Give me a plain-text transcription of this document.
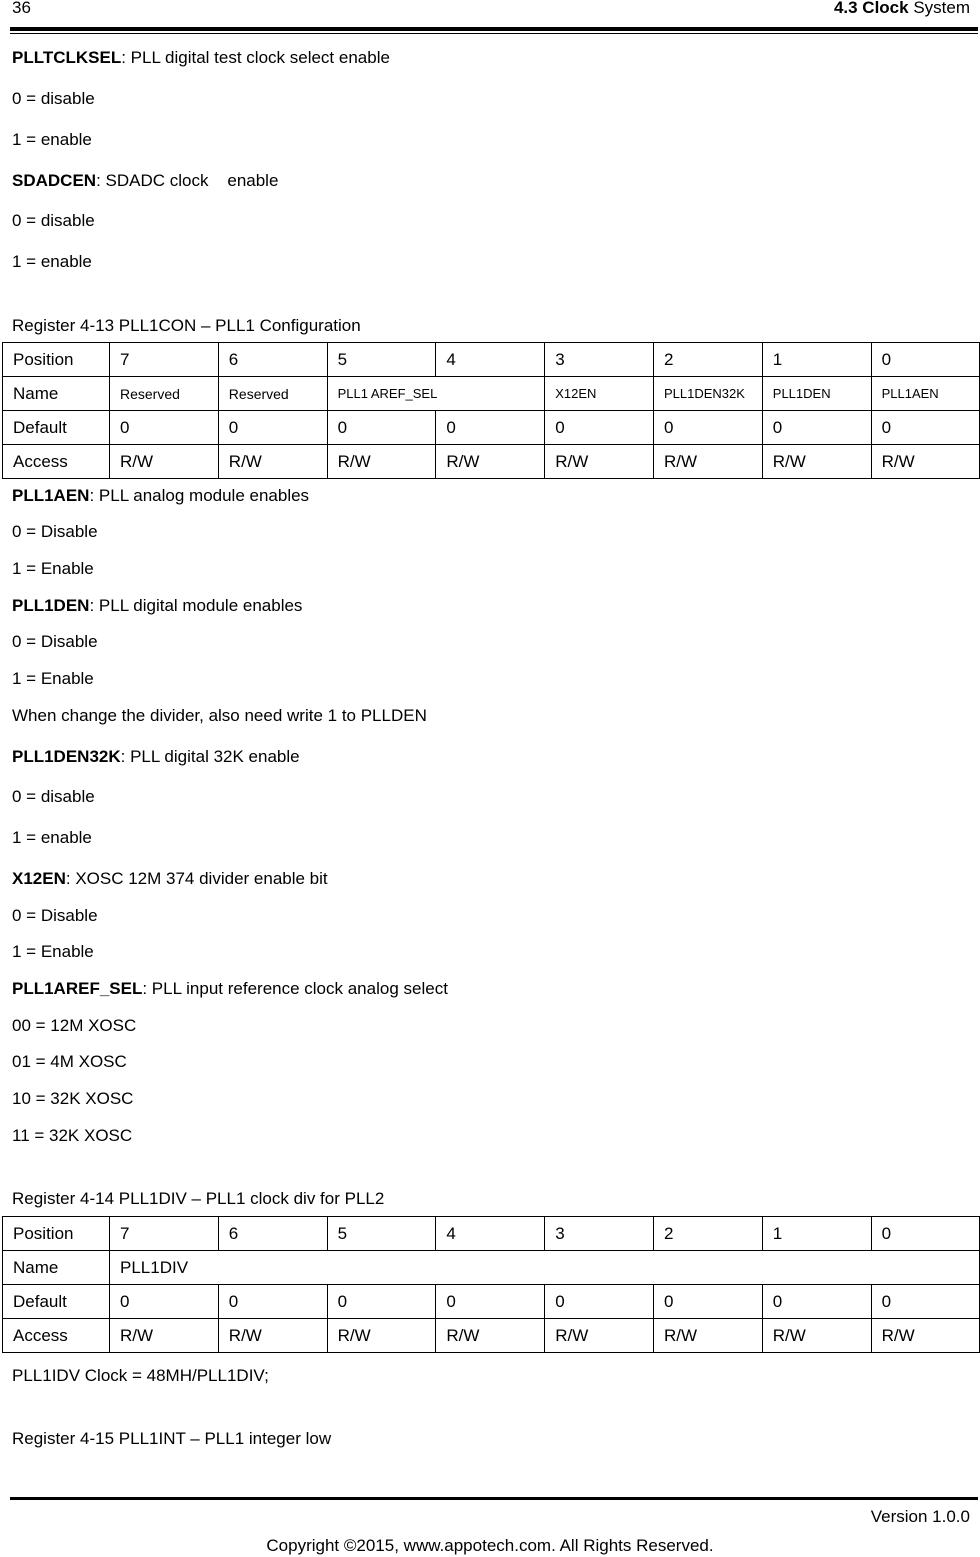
36	4.3 Clock System
PLLTCLKSEL: PLL digital test clock select enable
0 = disable
1 = enable
SDADCEN: SDADC clock    enable
0 = disable
1 = enable
Register 4-13 PLL1CON – PLL1 Configuration
Position	7	6	5	4	3	2	1	0
Name	Reserved	Reserved	PLL1 AREF_SEL		X12EN	PLL1DEN32K	PLL1DEN	PLL1AEN
Default	0	0	0	0	0	0	0	0
Access	R/W	R/W	R/W	R/W	R/W	R/W	R/W	R/W
PLL1AEN: PLL analog module enables
0 = Disable
1 = Enable
PLL1DEN: PLL digital module enables
0 = Disable
1 = Enable
When change the divider, also need write 1 to PLLDEN
PLL1DEN32K: PLL digital 32K enable
0 = disable
1 = enable
X12EN: XOSC 12M 374 divider enable bit
0 = Disable
1 = Enable
PLL1AREF_SEL: PLL input reference clock analog select
00 = 12M XOSC
01 = 4M XOSC
10 = 32K XOSC
11 = 32K XOSC
Register 4-14 PLL1DIV – PLL1 clock div for PLL2
Position	7	6	5	4	3	2	1	0
Name	PLL1DIV							
Default	0	0	0	0	0	0	0	0
Access	R/W	R/W	R/W	R/W	R/W	R/W	R/W	R/W
PLL1IDV Clock = 48MH/PLL1DIV;
Register 4-15 PLL1INT – PLL1 integer low
Version 1.0.0
Copyright ©2015, www.appotech.com. All Rights Reserved.
